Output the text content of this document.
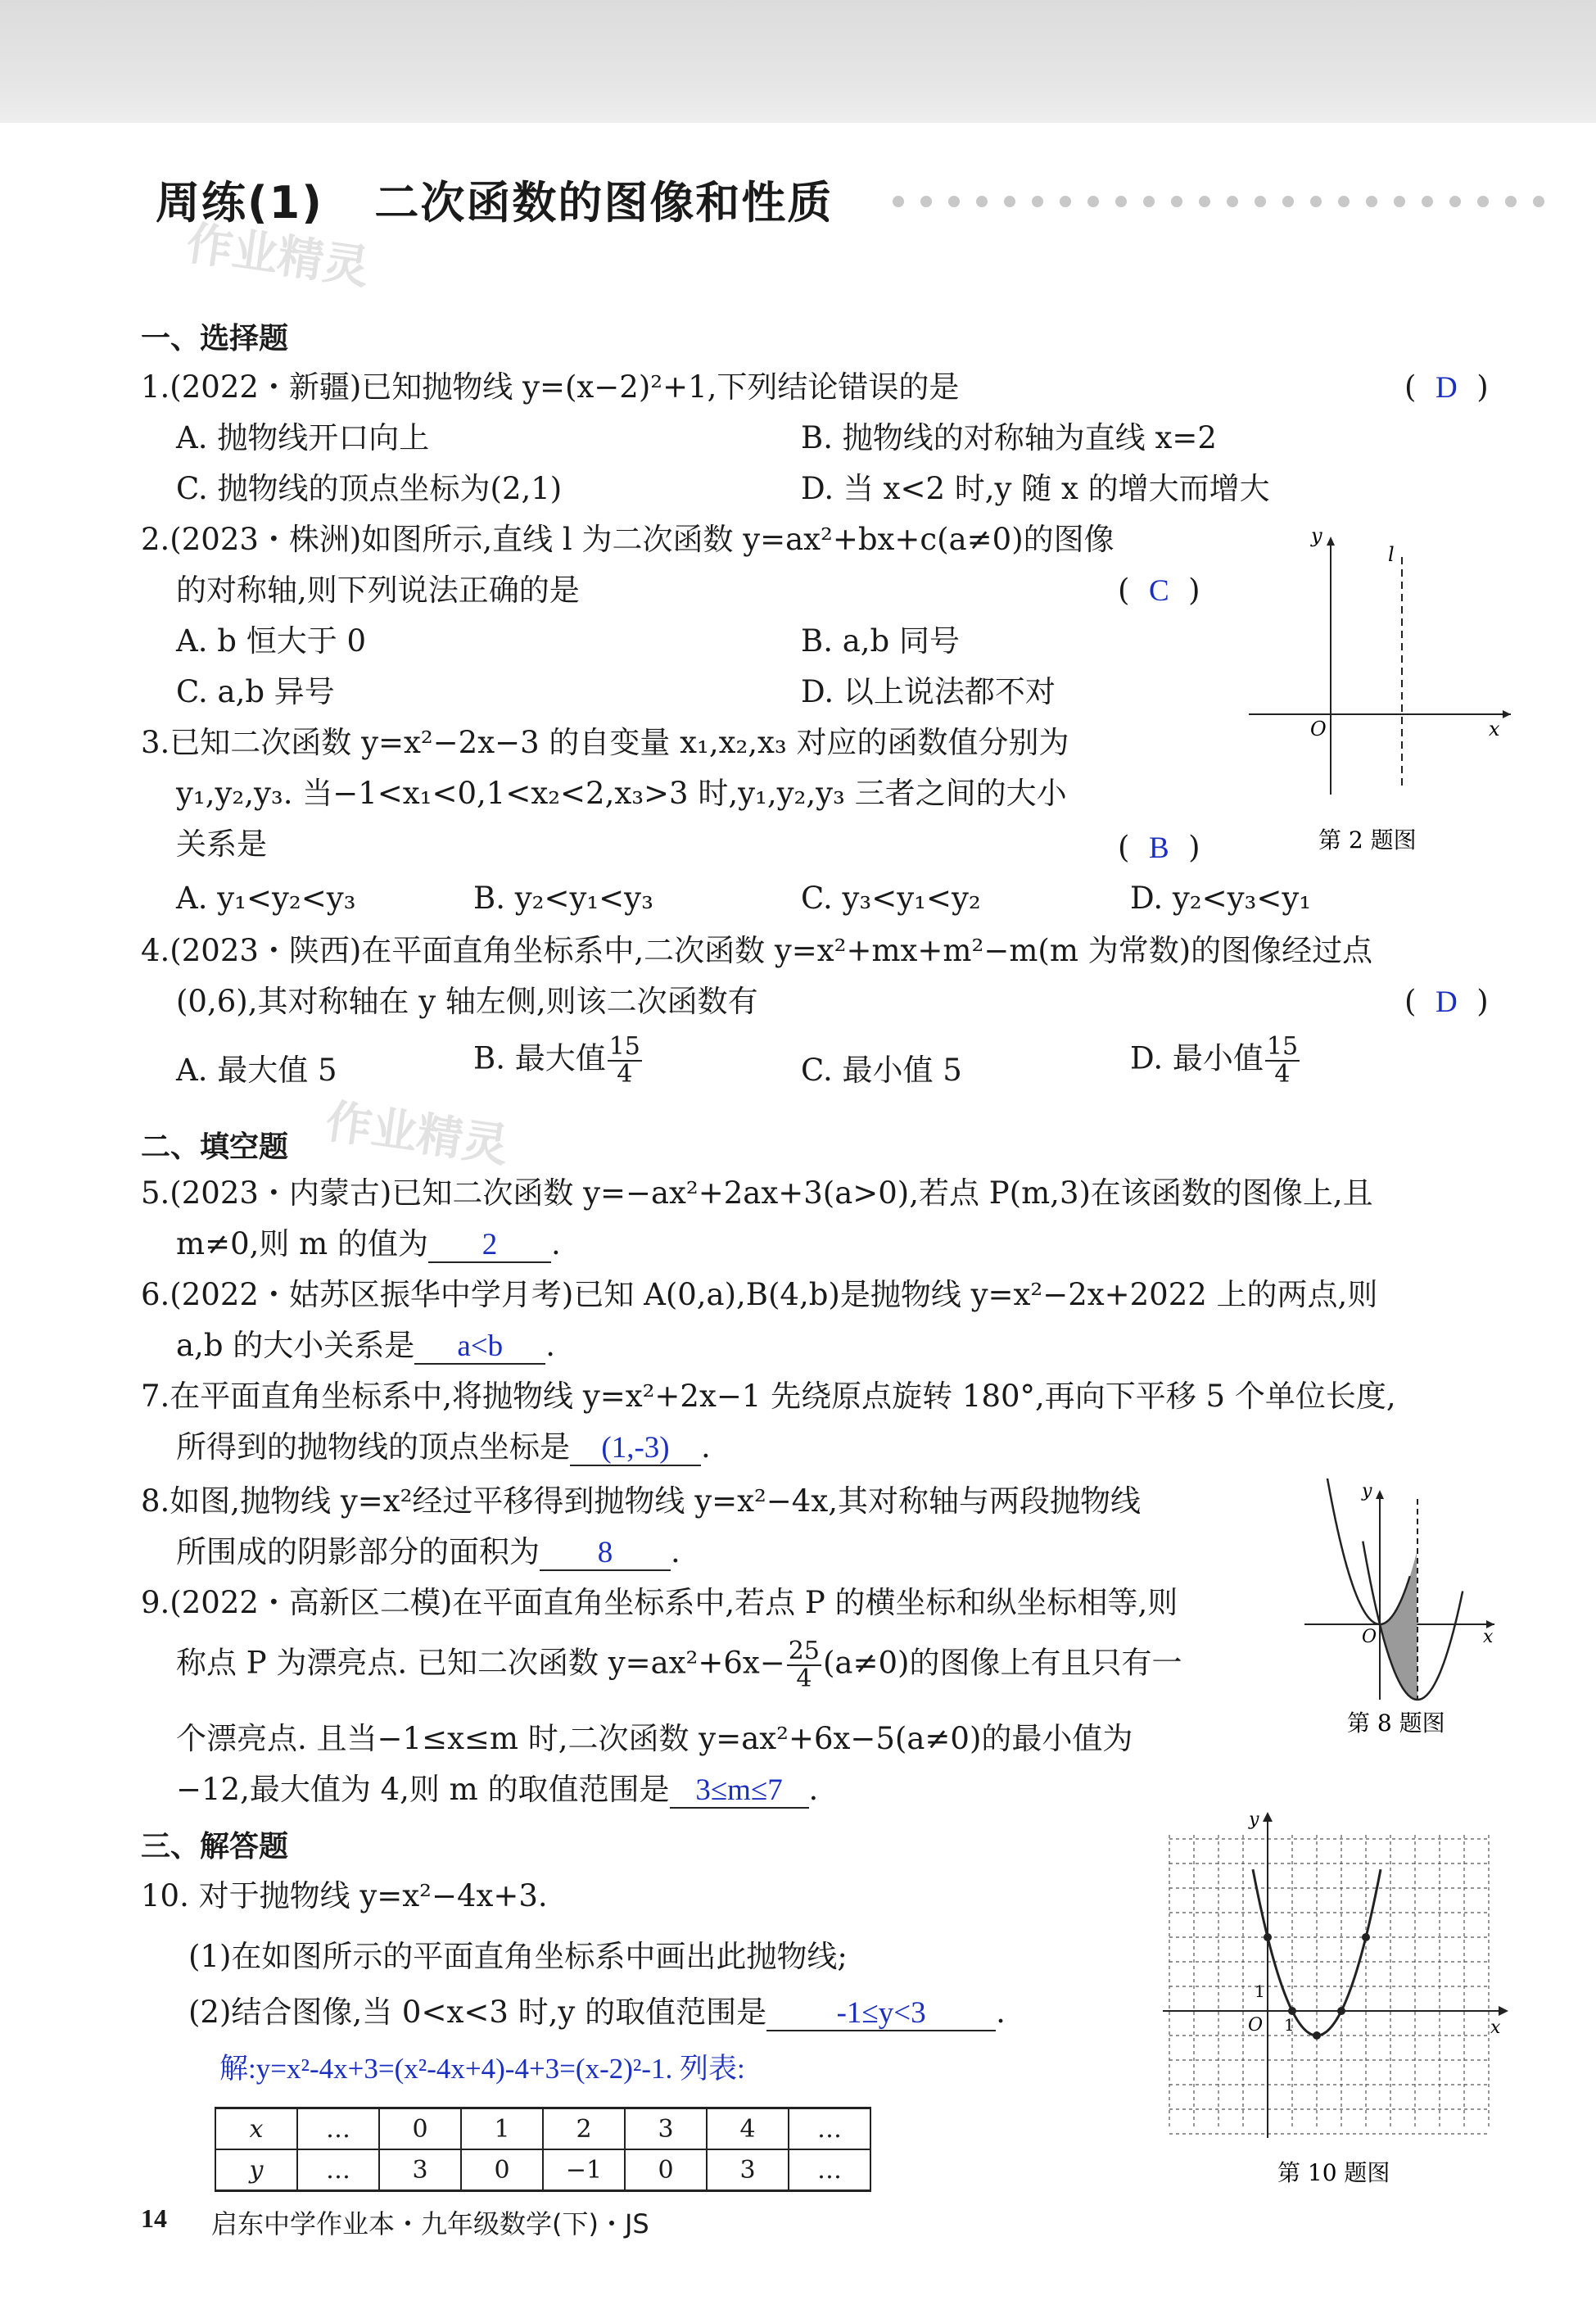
周练(1) 二次函数的图像和性质
作业精灵
作业精灵
一、选择题
1.(2022・新疆)已知抛物线 y=(x−2)²+1,下列结论错误的是	(  D  )
A. 抛物线开口向上	B. 抛物线的对称轴为直线 x=2
C. 抛物线的顶点坐标为(2,1)	D. 当 x<2 时,y 随 x 的增大而增大
2.(2023・株洲)如图所示,直线 l 为二次函数 y=ax²+bx+c(a≠0)的图像
的对称轴,则下列说法正确的是	(  C  )
A. b 恒大于 0	B. a,b 同号
C. a,b 异号	D. 以上说法都不对
y
x
O
l
第 2 题图
3.已知二次函数 y=x²−2x−3 的自变量 x₁,x₂,x₃ 对应的函数值分别为
y₁,y₂,y₃. 当−1<x₁<0,1<x₂<2,x₃>3 时,y₁,y₂,y₃ 三者之间的大小
关系是	(  B  )
A. y₁<y₂<y₃	B. y₂<y₁<y₃	C. y₃<y₁<y₂	D. y₂<y₃<y₁
4.(2023・陕西)在平面直角坐标系中,二次函数 y=x²+mx+m²−m(m 为常数)的图像经过点
(0,6),其对称轴在 y 轴左侧,则该二次函数有	(  D  )
A. 最大值 5	B. 最大值 $\frac{15}{4}$	C. 最小值 5	D. 最小值 $\frac{15}{4}$
二、填空题
5.(2023・内蒙古)已知二次函数 y=−ax²+2ax+3(a>0),若点 P(m,3)在该函数的图像上,且
m≠0,则 m 的值为 2 .
6.(2022・姑苏区振华中学月考)已知 A(0,a),B(4,b)是抛物线 y=x²−2x+2022 上的两点,则
a,b 的大小关系是 a<b .
7.在平面直角坐标系中,将抛物线 y=x²+2x−1 先绕原点旋转 180°,再向下平移 5 个单位长度,
所得到的抛物线的顶点坐标是 (1,-3) .
8.如图,抛物线 y=x²经过平移得到抛物线 y=x²−4x,其对称轴与两段抛物线
所围成的阴影部分的面积为 8 .
y
x
O
第 8 题图
9.(2022・高新区二模)在平面直角坐标系中,若点 P 的横坐标和纵坐标相等,则
称点 P 为漂亮点. 已知二次函数 $y=ax^2+6x- \frac{25}{4} (a\ne 0)$的图像上有且只有一
个漂亮点. 且当−1≤x≤m 时,二次函数 y=ax²+6x−5(a≠0)的最小值为
−12,最大值为 4,则 m 的取值范围是 3≤m≤7 .
三、解答题
10. 对于抛物线 y=x²−4x+3.
(1)在如图所示的平面直角坐标系中画出此抛物线;
(2)结合图像,当 0<x<3 时,y 的取值范围是 -1≤y<3 .
解:y=x²-4x+3=(x²-4x+4)-4+3=(x-2)²-1. 列表:
x	…	0	1	2	3	4	…
y	…	3	0	−1	0	3	…
y
x
O 1
1
第 10 题图
14 启东中学作业本・九年级数学(下)・JS
